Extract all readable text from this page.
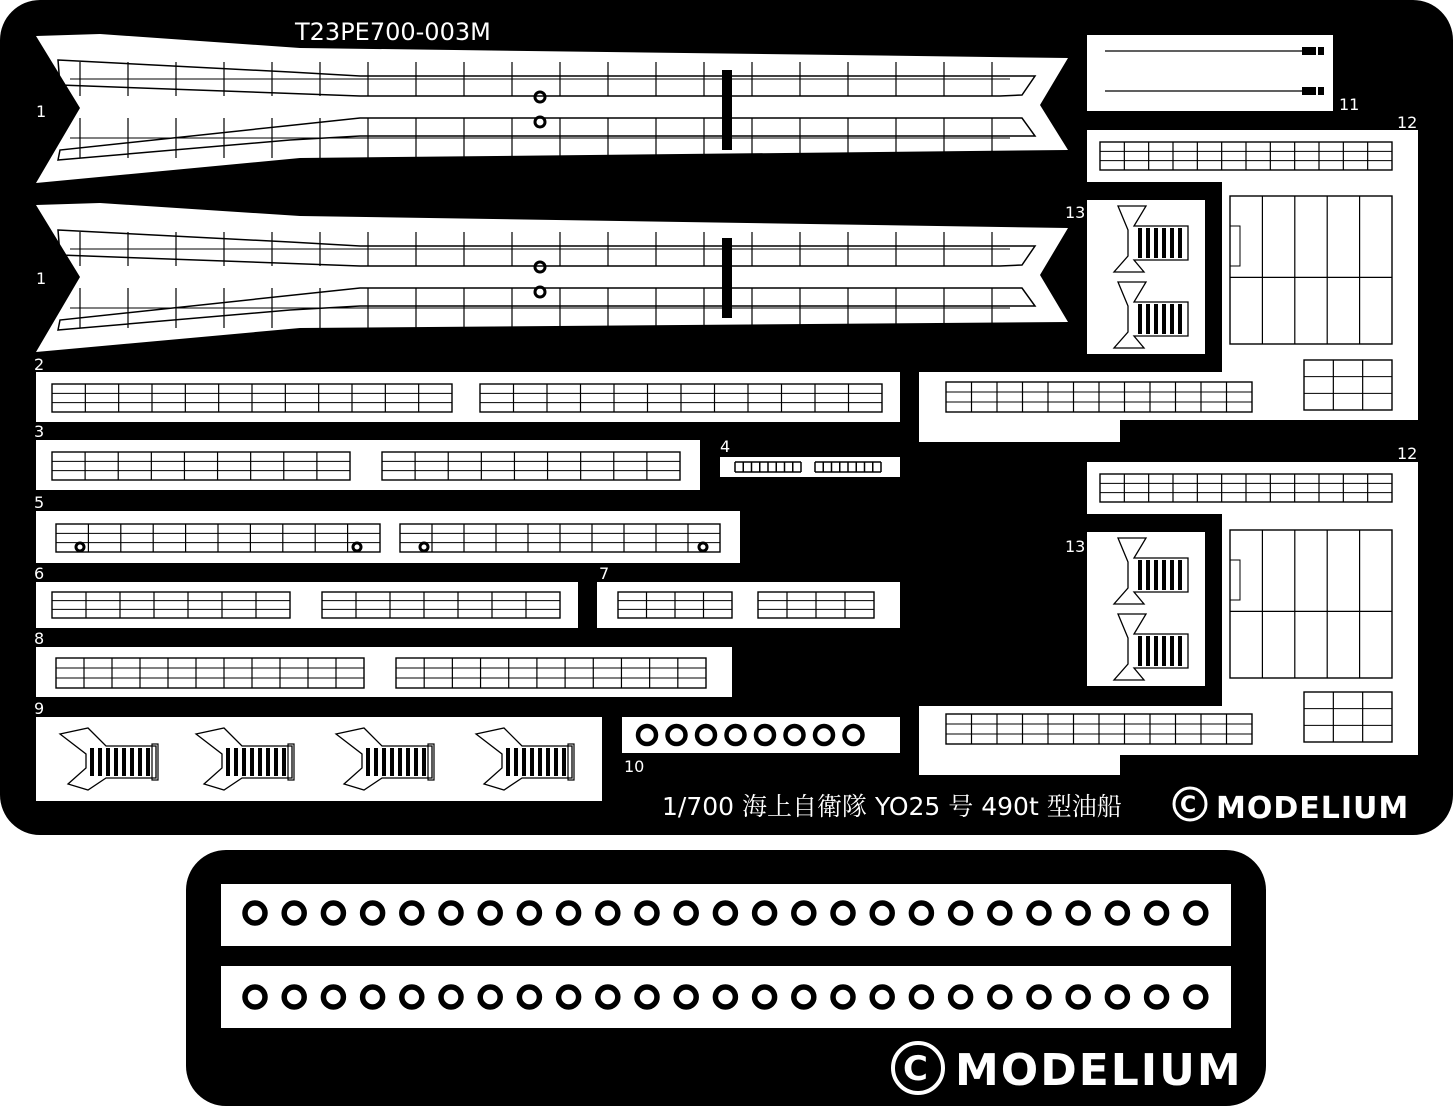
T23PE700-003M
1
1
2
3
4
5
6	7
8
9
10
11
12
13
12
13
1/700 海上自衛隊 YO25 号 490t 型油船	C MODELIUM
C MODELIUM
